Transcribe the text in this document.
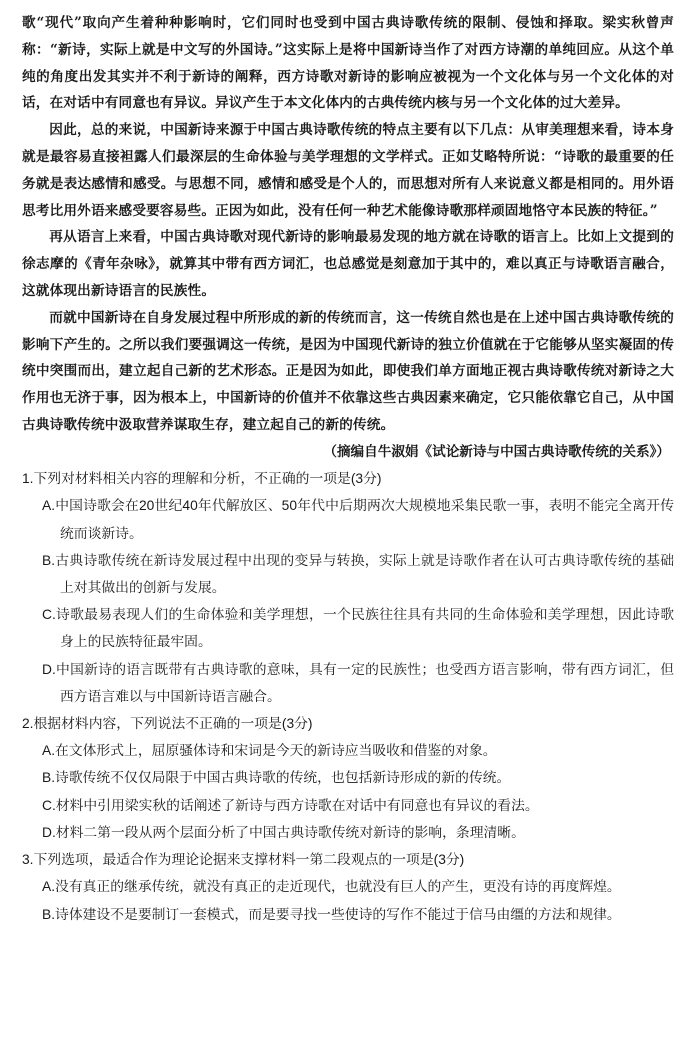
歌“现代”取向产生着种种影响时，它们同时也受到中国古典诗歌传统的限制、侵蚀和择取。梁实秋曾声称：“新诗，实际上就是中文写的外国诗。”这实际上是将中国新诗当作了对西方诗潮的单纯回应。从这个单纯的角度出发其实并不利于新诗的阐释，西方诗歌对新诗的影响应被视为一个文化体与另一个文化体的对话，在对话中有同意也有异议。异议产生于本文化体内的古典传统内核与另一个文化体的过大差异。

因此，总的来说，中国新诗来源于中国古典诗歌传统的特点主要有以下几点：从审美理想来看，诗本身就是最容易直接袒露人们最深层的生命体验与美学理想的文学样式。正如艾略特所说：“诗歌的最重要的任务就是表达感情和感受。与思想不同，感情和感受是个人的，而思想对所有人来说意义都是相同的。用外语思考比用外语来感受要容易些。正因为如此，没有任何一种艺术能像诗歌那样顽固地恪守本民族的特征。”

再从语言上来看，中国古典诗歌对现代新诗的影响最易发现的地方就在诗歌的语言上。比如上文提到的徐志摩的《青年杂咏》，就算其中带有西方词汇，也总感觉是刻意加于其中的，难以真正与诗歌语言融合，这就体现出新诗语言的民族性。

而就中国新诗在自身发展过程中所形成的新的传统而言，这一传统自然也是在上述中国古典诗歌传统的影响下产生的。之所以我们要强调这一传统，是因为中国现代新诗的独立价值就在于它能够从坚实凝固的传统中突围而出，建立起自己新的艺术形态。正是因为如此，即使我们单方面地正视古典诗歌传统对新诗之大作用也无济于事，因为根本上，中国新诗的价值并不依靠这些古典因素来确定，它只能依靠它自己，从中国古典诗歌传统中汲取营养谋取生存，建立起自己的新的传统。

（摘编自牛淑娟《试论新诗与中国古典诗歌传统的关系》）

1.下列对材料相关内容的理解和分析，不正确的一项是(3分)

A.中国诗歌会在20世纪40年代解放区、50年代中后期两次大规模地采集民歌一事，表明不能完全离开传统而谈新诗。

B.古典诗歌传统在新诗发展过程中出现的变异与转换，实际上就是诗歌作者在认可古典诗歌传统的基础上对其做出的创新与发展。

C.诗歌最易表现人们的生命体验和美学理想，一个民族往往具有共同的生命体验和美学理想，因此诗歌身上的民族特征最牢固。

D.中国新诗的语言既带有古典诗歌的意味，具有一定的民族性；也受西方语言影响，带有西方词汇，但西方语言难以与中国新诗语言融合。

2.根据材料内容，下列说法不正确的一项是(3分)

A.在文体形式上，屈原骚体诗和宋词是今天的新诗应当吸收和借鉴的对象。

B.诗歌传统不仅仅局限于中国古典诗歌的传统，也包括新诗形成的新的传统。

C.材料中引用梁实秋的话阐述了新诗与西方诗歌在对话中有同意也有异议的看法。

D.材料二第一段从两个层面分析了中国古典诗歌传统对新诗的影响，条理清晰。

3.下列选项，最适合作为理论论据来支撑材料一第二段观点的一项是(3分)

A.没有真正的继承传统，就没有真正的走近现代，也就没有巨人的产生，更没有诗的再度辉煌。

B.诗体建设不是要制订一套模式，而是要寻找一些使诗的写作不能过于信马由缰的方法和规律。
